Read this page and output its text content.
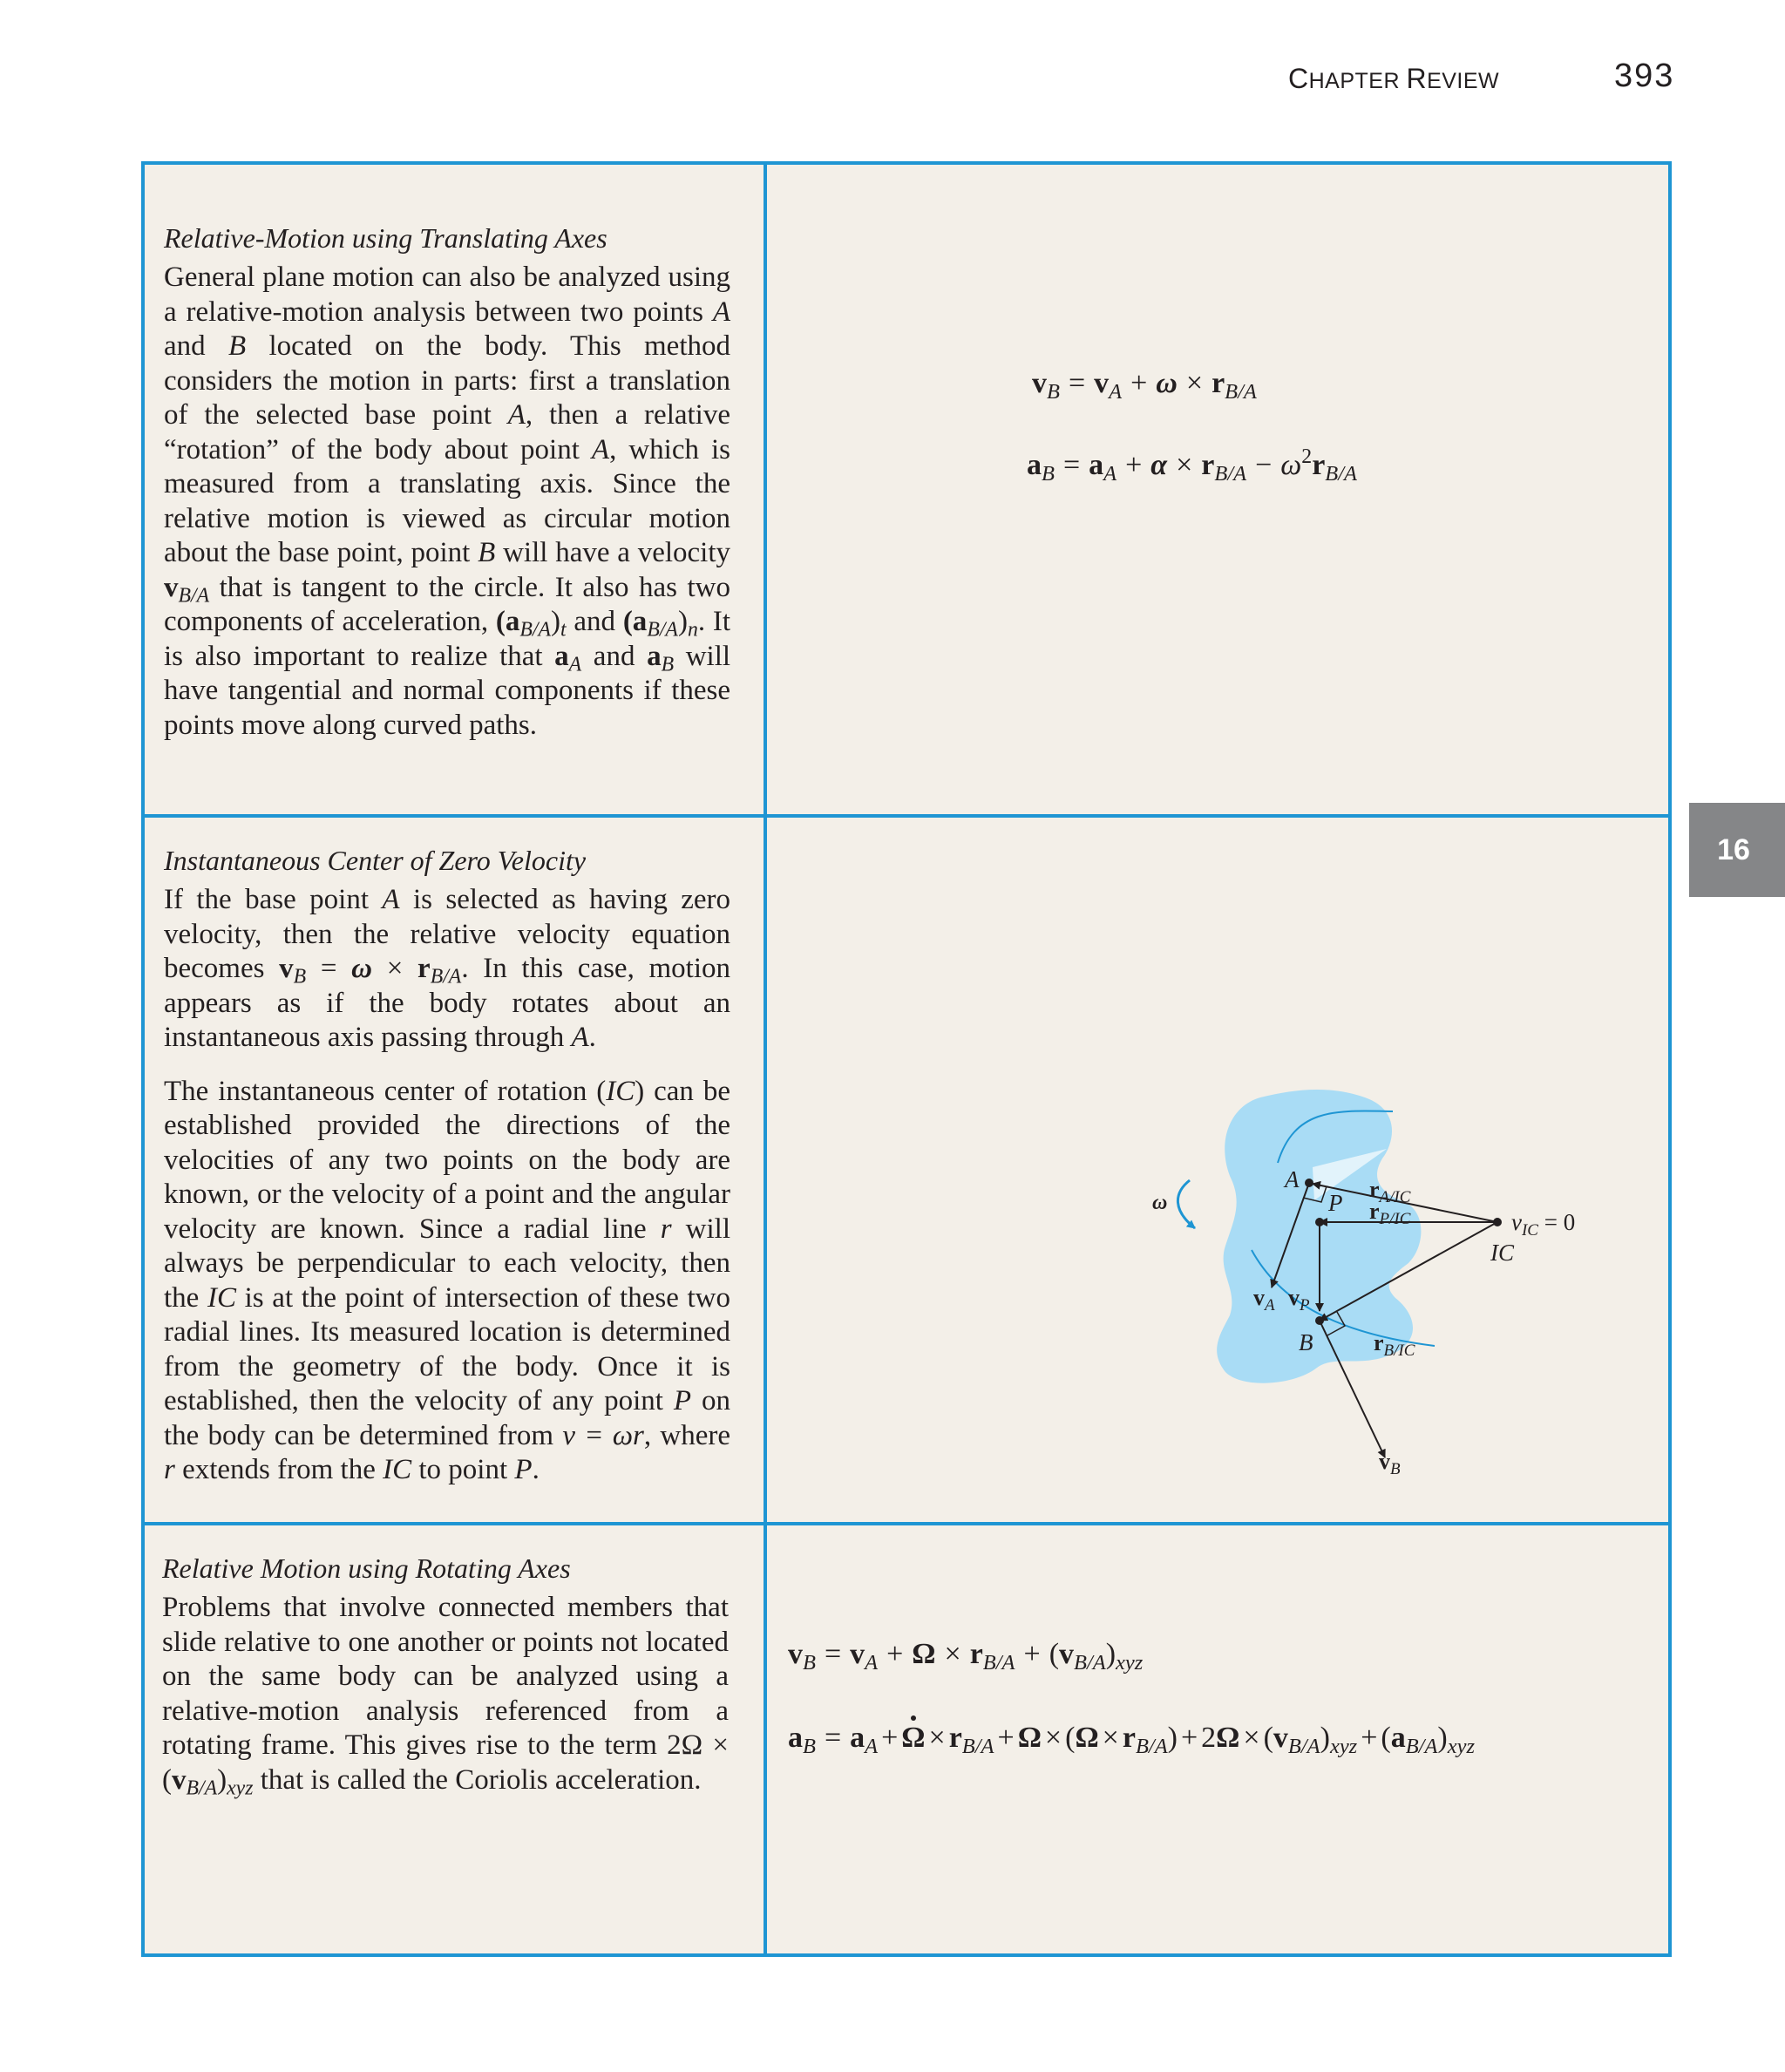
CHAPTER REVIEW	393
16

Relative-Motion using Translating Axes

General plane motion can also be analyzed using a relative-motion analysis between two points A and B located on the body. This method considers the motion in parts: first a translation of the selected base point A, then a relative “rotation” of the body about point A, which is measured from a translating axis. Since the relative motion is viewed as circular motion about the base point, point B will have a velocity $v_{B/A}$ that is tangent to the circle. It also has two components of acceleration, $(a_{B/A})_t$ and $(a_{B/A})_n$. It is also important to realize that $a_A$ and $a_B$ will have tangential and normal components if these points move along curved paths.

$v_B = v_A + \omega \times r_{B/A}$
$a_B = a_A + \alpha \times r_{B/A} - \omega^2r_{B/A}$

Instantaneous Center of Zero Velocity

If the base point A is selected as having zero velocity, then the relative velocity equation becomes $v_B = \omega \times r_{B/A}$. In this case, motion appears as if the body rotates about an instantaneous axis passing through A.

The instantaneous center of rotation (IC) can be established provided the directions of the velocities of any two points on the body are known, or the velocity of a point and the angular velocity are known. Since a radial line r will always be perpendicular to each velocity, then the IC is at the point of intersection of these two radial lines. Its measured location is determined from the geometry of the body. Once it is established, then the velocity of any point P on the body can be determined from v = ωr, where r extends from the IC to point P.

ω
A
P
B
IC
$v_{IC} = 0$
$r_{A/IC}$
$r_{P/IC}$
$r_{B/IC}$
$v_A$ $v_P$
$v_B$

Relative Motion using Rotating Axes

Problems that involve connected members that slide relative to one another or points not located on the same body can be analyzed using a relative-motion analysis referenced from a rotating frame. This gives rise to the term $2\Omega \times (v_{B/A})_{xyz}$ that is called the Coriolis acceleration.

$v_B = v_A + \Omega \times r_{B/A} + (v_{B/A})_{xyz}$
$a_B = a_A + \Omega \times r_{B/A} + \Omega \times (\Omega \times r_{B/A}) + 2\Omega \times (v_{B/A})_{xyz} + (a_{B/A})_{xyz}$
